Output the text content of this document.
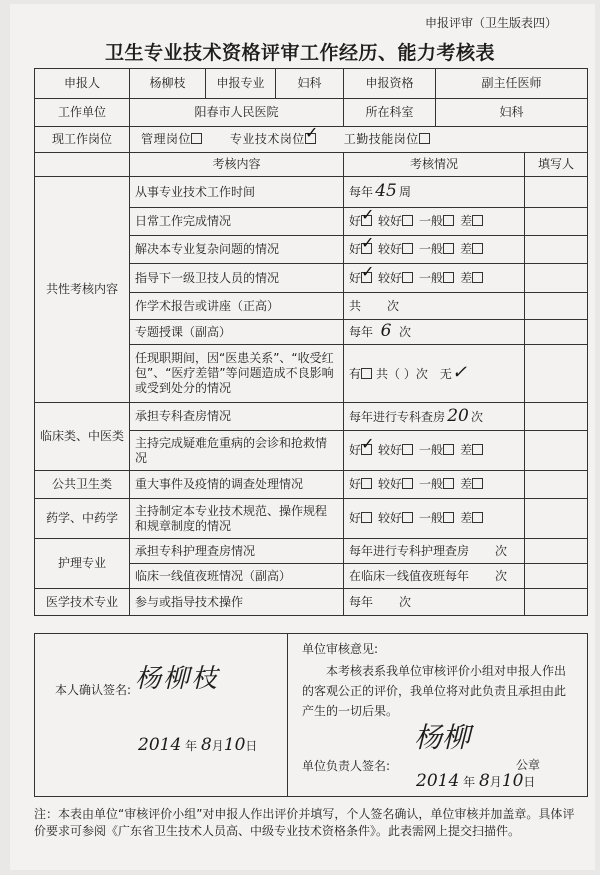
申报评审（卫生版表四）
卫生专业技术资格评审工作经历、能力考核表
申报人	杨柳枝	申报专业	妇科	申报资格	副主任医师	
工作单位	阳春市人民医院			所在科室	妇科	
现工作岗位	管理岗位 专业技术岗位 ✓ 工勤技能岗位
	考核内容			考核情况		填写人
共性考核内容	从事专业技术工作时间			每年 45 周		
	日常工作完成情况			好 ✓ 较好 一般 差	
	解决本专业复杂问题的情况			好 ✓ 较好 一般 差	
	指导下一级卫技人员的情况			好 ✓ 较好 一般 差	
	作学术报告或讲座（正高）			共 次		
	专题授课（副高）			每年 6 次		
	任现职期间，因“医患关系”、“收受红包”、“医疗差错”等问题造成不良影响或受到处分的情况			有 共（ ）次 无✓		
临床类、中医类	承担专科查房情况			每年进行专科查房 20 次		
	主持完成疑难危重病的会诊和抢救情况			好 ✓ 较好 一般 差	
公共卫生类	重大事件及疫情的调查处理情况			好 较好 一般 差		
药学、中药学	主持制定本专业技术规范、操作规程和规章制度的情况			好 较好 一般 差		
护理专业	承担专科护理查房情况			每年进行专科护理查房 次		
	临床一线值夜班情况（副高）			在临床一线值夜班每年 次		
医学技术专业	参与或指导技术操作			每年 次		
本人确认签名: 杨柳枝
2014 年 8月10日

单位审核意见:
本考核表系我单位审核评价小组对申报人作出的客观公正的评价，我单位将对此负责且承担由此产生的一切后果。
单位负责人签名:
杨柳
公章
2014 年 8月10日
注：本表由单位“审核评价小组”对申报人作出评价并填写，个人签名确认，单位审核并加盖章。具体评价要求可参阅《广东省卫生技术人员高、中级专业技术资格条件》。此表需网上提交扫描件。
